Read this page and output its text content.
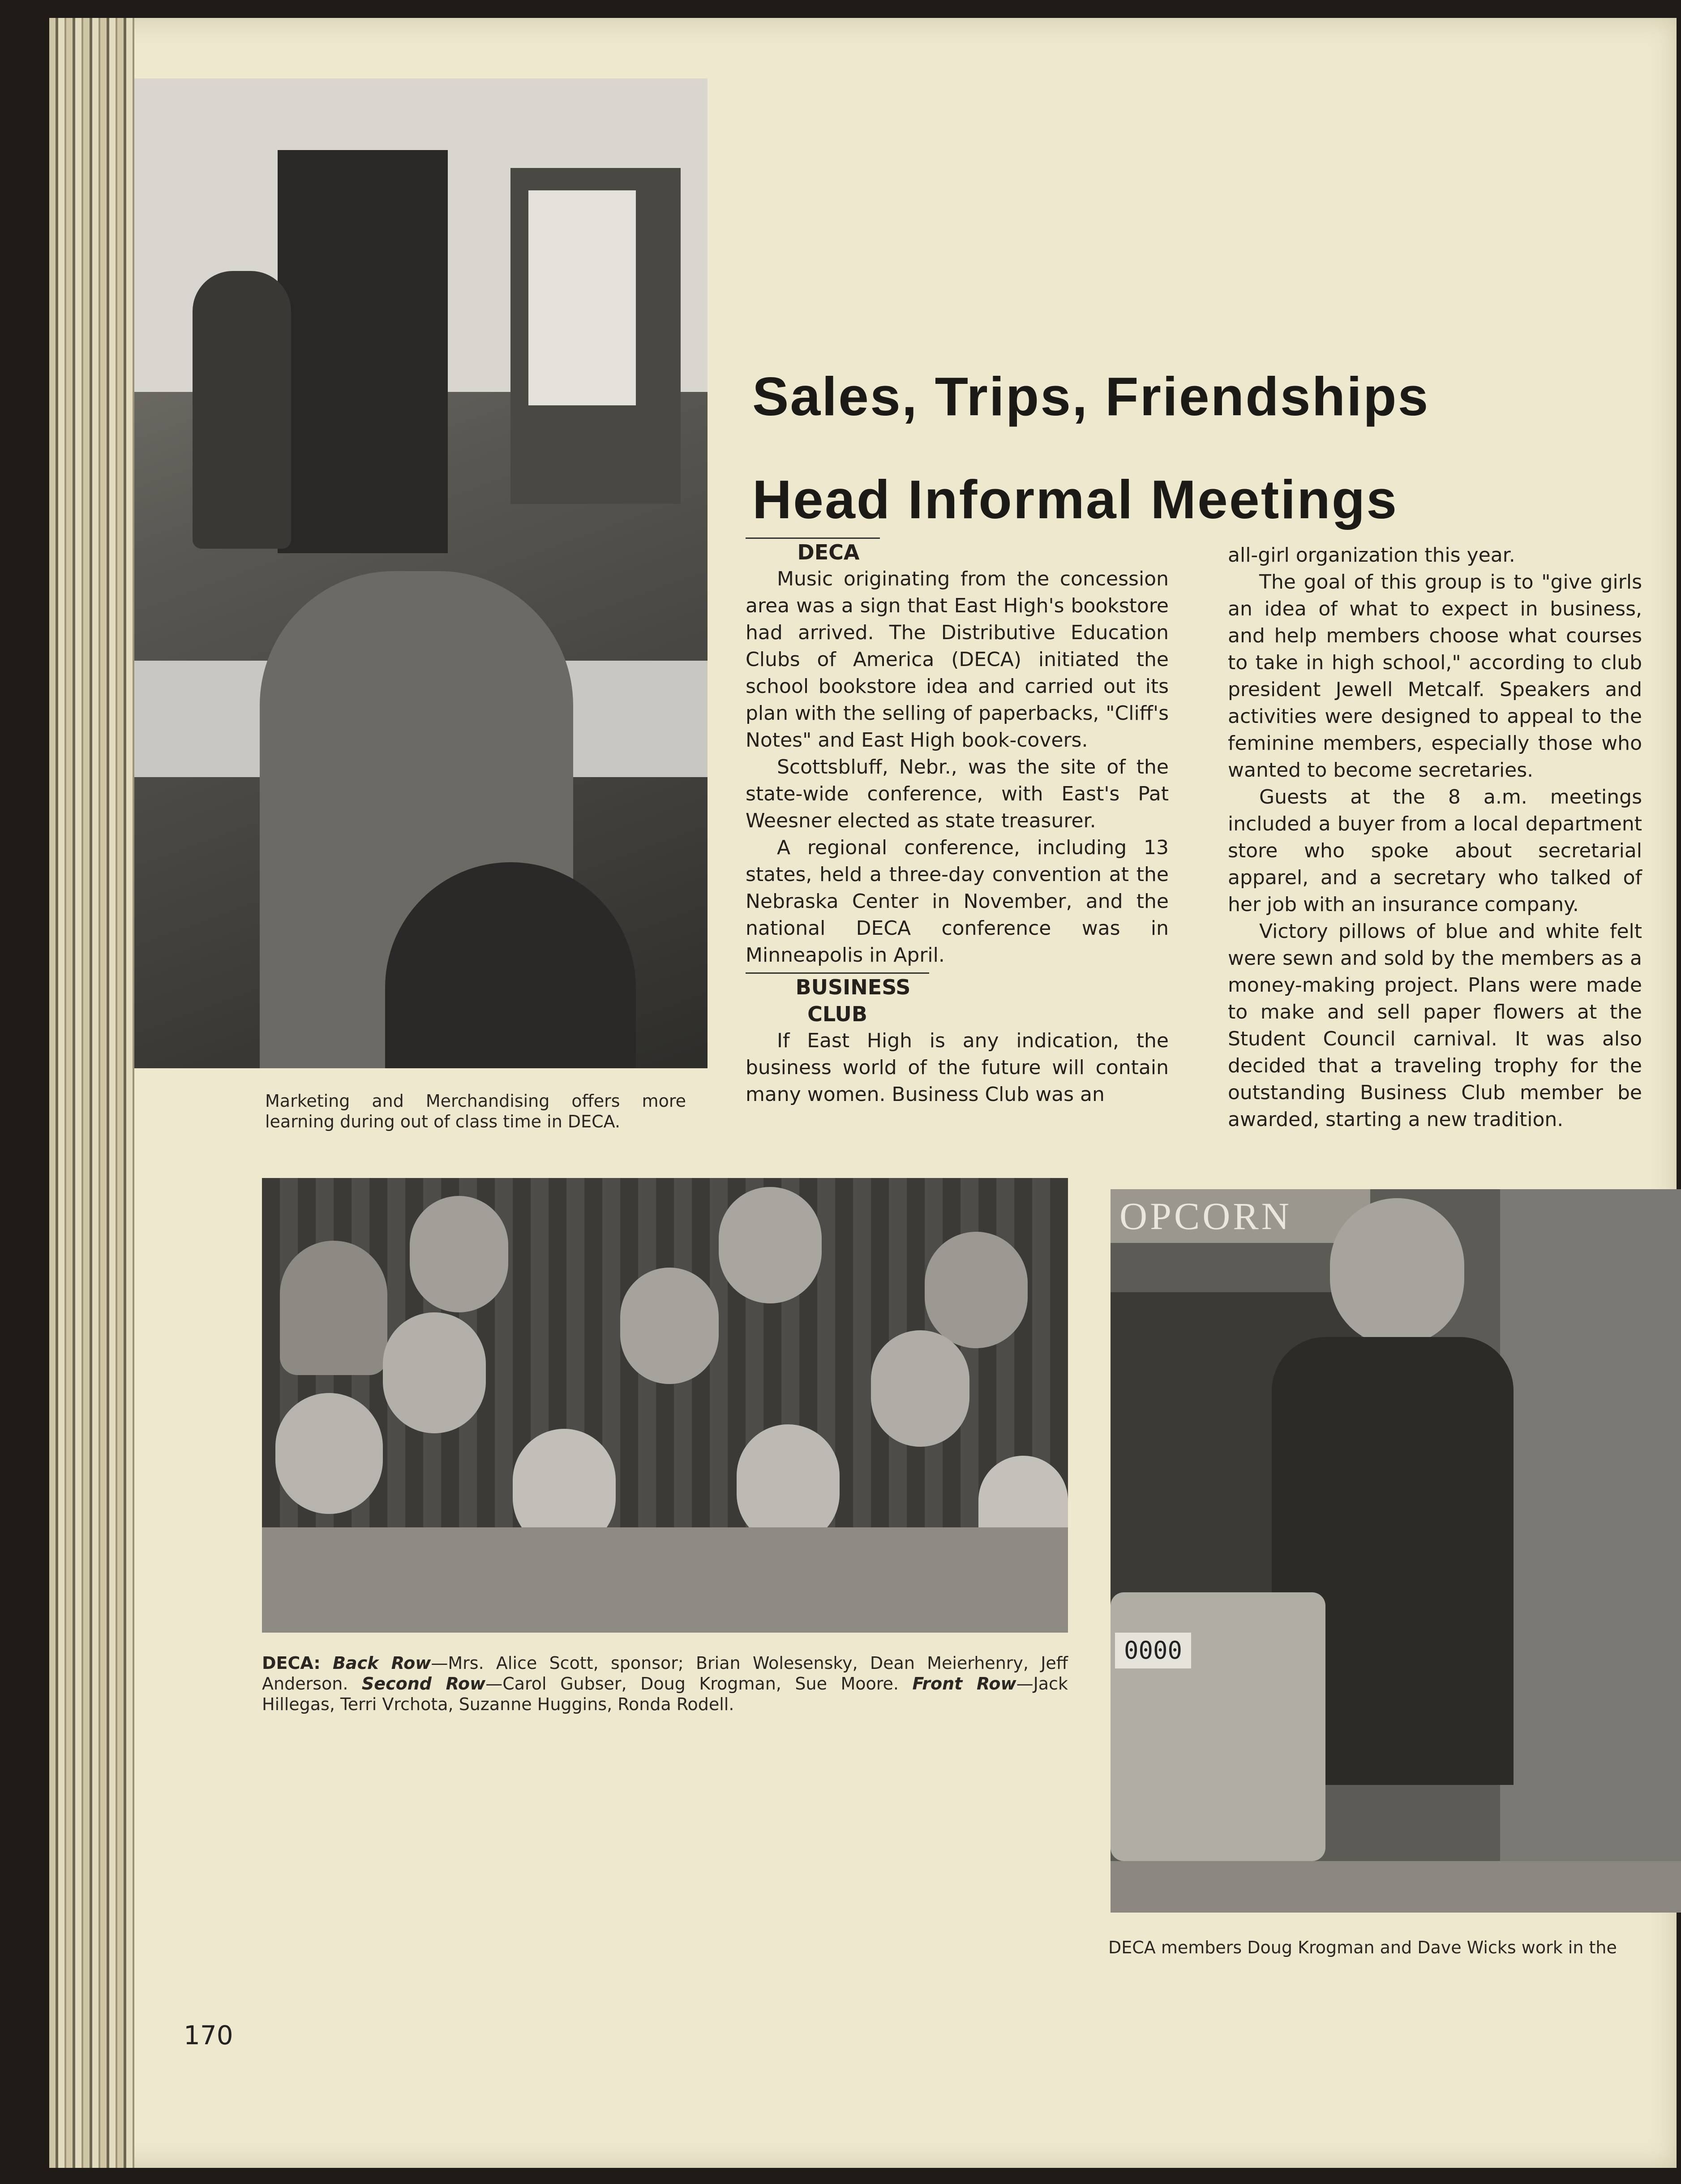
Marketing and Merchandising offers more learning during out of class time in DECA.
Sales, Trips, Friendships
Head Informal Meetings

DECA

Music originating from the concession area was a sign that East High's bookstore had arrived. The Distributive Education Clubs of America (DECA) initiated the school bookstore idea and carried out its plan with the selling of paperbacks, "Cliff's Notes" and East High book-covers.

Scottsbluff, Nebr., was the site of the state-wide conference, with East's Pat Weesner elected as state treasurer.

A regional conference, including 13 states, held a three-day convention at the Nebraska Center in November, and the national DECA conference was in Minneapolis in April.

BUSINESS CLUB

If East High is any indication, the business world of the future will contain many women. Business Club was an

all-girl organization this year.

The goal of this group is to "give girls an idea of what to expect in business, and help members choose what courses to take in high school," according to club president Jewell Metcalf. Speakers and activities were designed to appeal to the feminine members, especially those who wanted to become secretaries.

Guests at the 8 a.m. meetings included a buyer from a local department store who spoke about secretarial apparel, and a secretary who talked of her job with an insurance company.

Victory pillows of blue and white felt were sewn and sold by the members as a money-making project. Plans were made to make and sell paper flowers at the Student Council carnival. It was also decided that a traveling trophy for the outstanding Business Club member be awarded, starting a new tradition.

DECA: Back Row—Mrs. Alice Scott, sponsor; Brian Wolesensky, Dean Meierhenry, Jeff Anderson. Second Row—Carol Gubser, Doug Krogman, Sue Moore. Front Row—Jack Hillegas, Terri Vrchota, Suzanne Huggins, Ronda Rodell.
OPCORN
0000
DECA members Doug Krogman and Dave Wicks work in the
170
